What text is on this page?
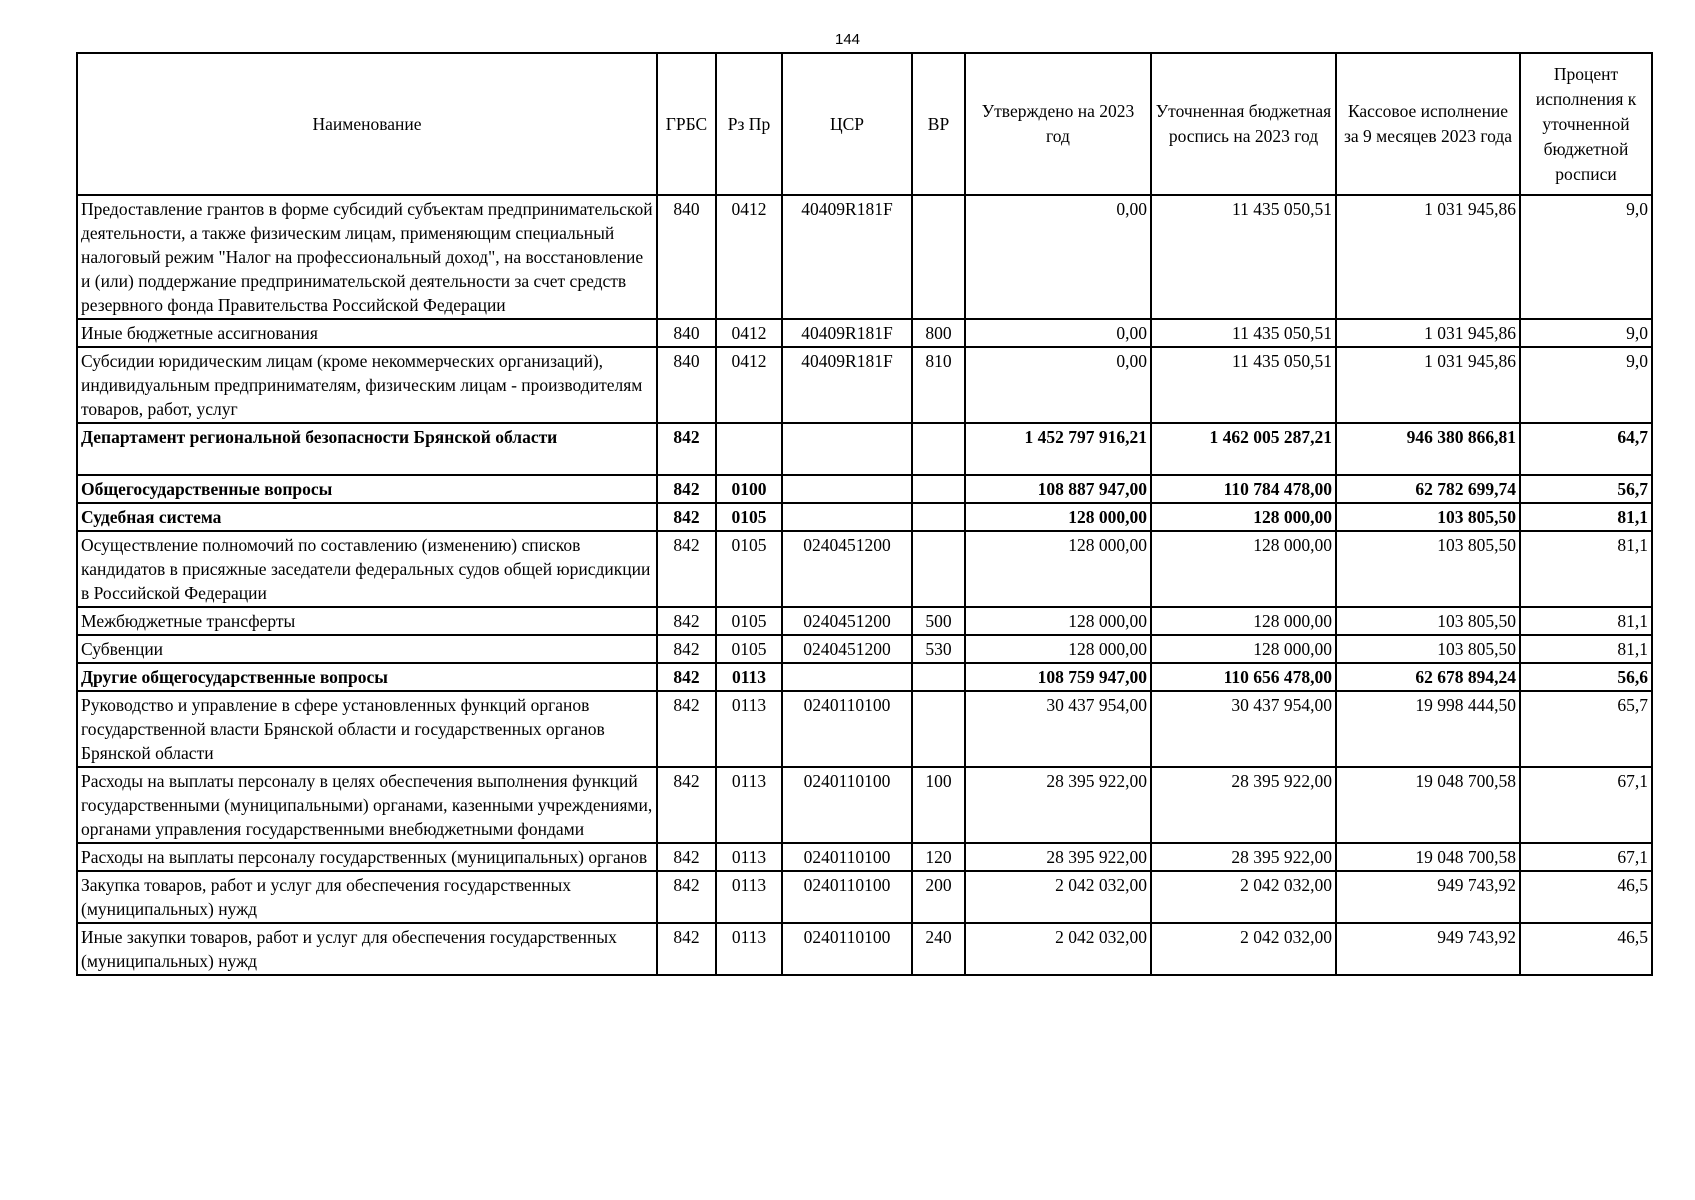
144
Наименование	ГРБС	Рз Пр	ЦСР	ВР	Утверждено на 2023 год	Уточненная бюджетная роспись на 2023 год	Кассовое исполнение за 9 месяцев 2023 года	Процент исполнения к уточненной бюджетной росписи
Предоставление грантов в форме субсидий субъектам предпринимательской деятельности, а также физическим лицам, применяющим специальный налоговый режим "Налог на профессиональный доход", на восстановление и (или) поддержание предпринимательской деятельности за счет средств резервного фонда Правительства Российской Федерации	840	0412	40409R181F		0,00	11 435 050,51	1 031 945,86	9,0
Иные бюджетные ассигнования	840	0412	40409R181F	800	0,00	11 435 050,51	1 031 945,86	9,0
Субсидии юридическим лицам (кроме некоммерческих организаций), индивидуальным предпринимателям, физическим лицам - производителям товаров, работ, услуг	840	0412	40409R181F	810	0,00	11 435 050,51	1 031 945,86	9,0
Департамент региональной безопасности Брянской области	842				1 452 797 916,21	1 462 005 287,21	946 380 866,81	64,7
Общегосударственные вопросы	842	0100			108 887 947,00	110 784 478,00	62 782 699,74	56,7
Судебная система	842	0105			128 000,00	128 000,00	103 805,50	81,1
Осуществление полномочий по составлению (изменению) списков кандидатов в присяжные заседатели федеральных судов общей юрисдикции в Российской Федерации	842	0105	0240451200		128 000,00	128 000,00	103 805,50	81,1
Межбюджетные трансферты	842	0105	0240451200	500	128 000,00	128 000,00	103 805,50	81,1
Субвенции	842	0105	0240451200	530	128 000,00	128 000,00	103 805,50	81,1
Другие общегосударственные вопросы	842	0113			108 759 947,00	110 656 478,00	62 678 894,24	56,6
Руководство и управление в сфере установленных функций органов государственной власти Брянской области и государственных органов Брянской области	842	0113	0240110100		30 437 954,00	30 437 954,00	19 998 444,50	65,7
Расходы на выплаты персоналу в целях обеспечения выполнения функций государственными (муниципальными) органами, казенными учреждениями, органами управления государственными внебюджетными фондами	842	0113	0240110100	100	28 395 922,00	28 395 922,00	19 048 700,58	67,1
Расходы на выплаты персоналу государственных (муниципальных) органов	842	0113	0240110100	120	28 395 922,00	28 395 922,00	19 048 700,58	67,1
Закупка товаров, работ и услуг для обеспечения государственных (муниципальных) нужд	842	0113	0240110100	200	2 042 032,00	2 042 032,00	949 743,92	46,5
Иные закупки товаров, работ и услуг для обеспечения государственных (муниципальных) нужд	842	0113	0240110100	240	2 042 032,00	2 042 032,00	949 743,92	46,5
